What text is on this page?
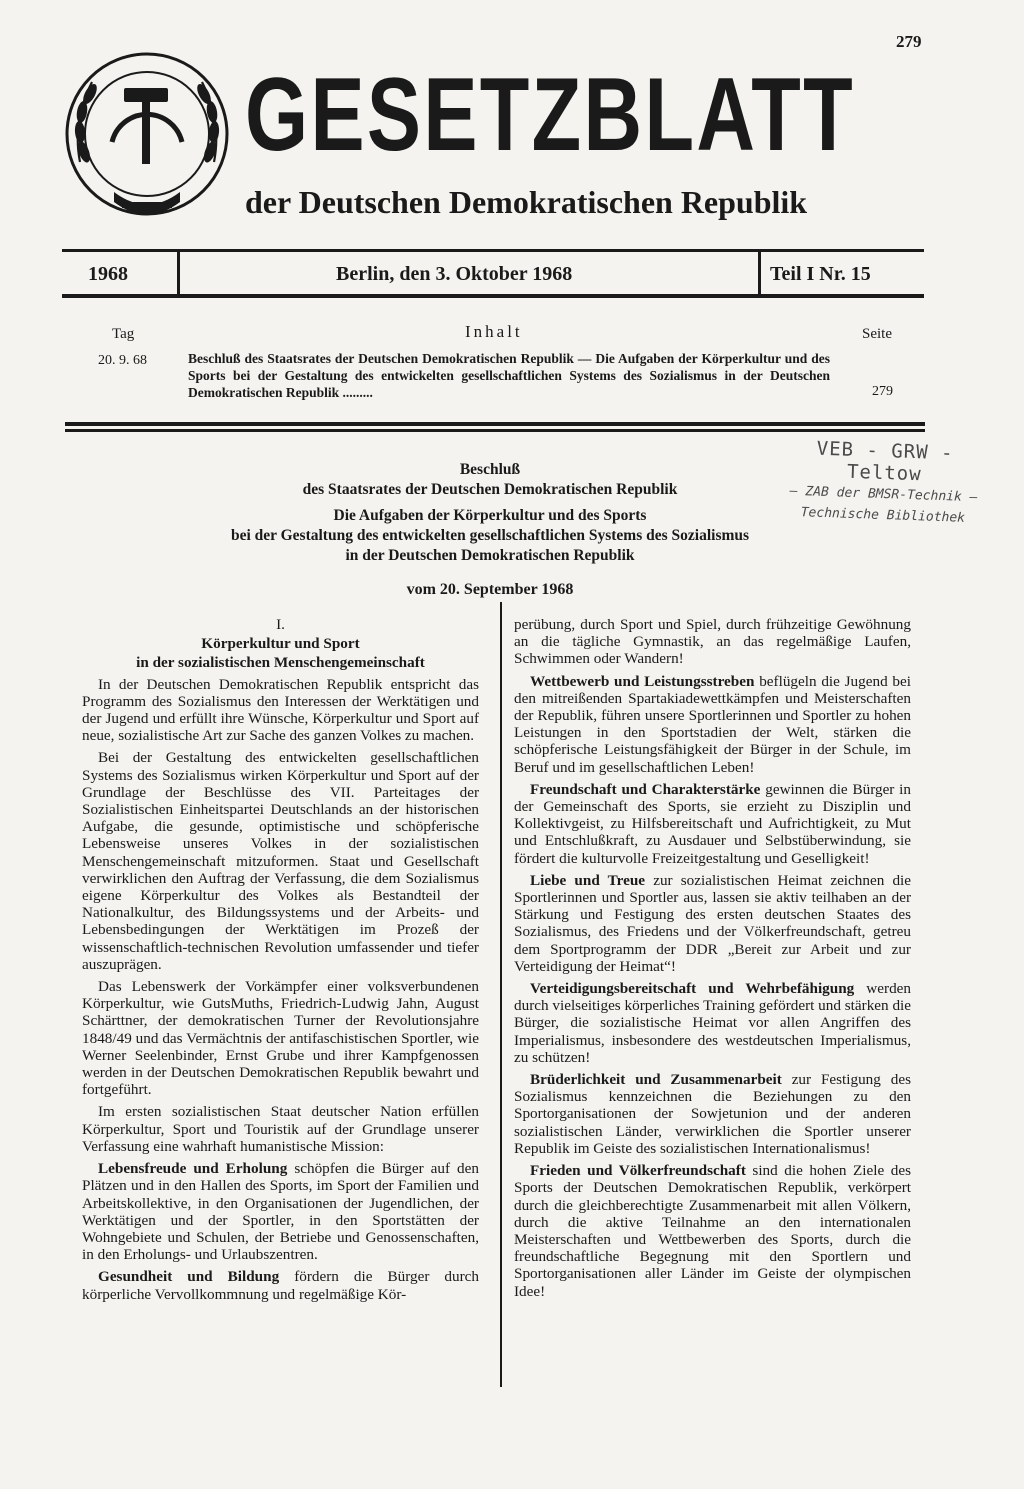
279
GESETZBLATT
der Deutschen Demokratischen Republik
1968	Berlin, den 3. Oktober 1968	Teil I Nr. 15
Tag	Inhalt	Seite
20. 9. 68	Beschluß des Staatsrates der Deutschen Demokratischen Republik — Die Aufgaben der Körperkultur und des Sports bei der Gestaltung des entwickelten gesellschaftlichen Systems des Sozialismus in der Deutschen Demokratischen Republik .........	279
VEB - GRW - Teltow
— ZAB der BMSR-Technik —
Technische Bibliothek
Beschluß
des Staatsrates der Deutschen Demokratischen Republik
Die Aufgaben der Körperkultur und des Sports
bei der Gestaltung des entwickelten gesellschaftlichen Systems des Sozialismus
in der Deutschen Demokratischen Republik
vom 20. September 1968
I.
Körperkultur und Sport
in der sozialistischen Menschengemeinschaft

In der Deutschen Demokratischen Republik entspricht das Programm des Sozialismus den Interessen der Werktätigen und der Jugend und erfüllt ihre Wünsche, Körperkultur und Sport auf neue, sozialistische Art zur Sache des ganzen Volkes zu machen.

Bei der Gestaltung des entwickelten gesellschaftlichen Systems des Sozialismus wirken Körperkultur und Sport auf der Grundlage der Beschlüsse des VII. Parteitages der Sozialistischen Einheitspartei Deutschlands an der historischen Aufgabe, die gesunde, optimistische und schöpferische Lebensweise unseres Volkes in der sozialistischen Menschengemeinschaft mitzuformen. Staat und Gesellschaft verwirklichen den Auftrag der Verfassung, die dem Sozialismus eigene Körperkultur des Volkes als Bestandteil der Nationalkultur, des Bildungssystems und der Arbeits- und Lebensbedingungen der Werktätigen im Prozeß der wissenschaftlich-technischen Revolution umfassender und tiefer auszuprägen.

Das Lebenswerk der Vorkämpfer einer volksverbundenen Körperkultur, wie GutsMuths, Friedrich-Ludwig Jahn, August Schärttner, der demokratischen Turner der Revolutionsjahre 1848/49 und das Vermächtnis der antifaschistischen Sportler, wie Werner Seelenbinder, Ernst Grube und ihrer Kampfgenossen werden in der Deutschen Demokratischen Republik bewahrt und fortgeführt.

Im ersten sozialistischen Staat deutscher Nation erfüllen Körperkultur, Sport und Touristik auf der Grundlage unserer Verfassung eine wahrhaft humanistische Mission:

Lebensfreude und Erholung schöpfen die Bürger auf den Plätzen und in den Hallen des Sports, im Sport der Familien und Arbeitskollektive, in den Organisationen der Jugendlichen, der Werktätigen und der Sportler, in den Sportstätten der Wohngebiete und Schulen, der Betriebe und Genossenschaften, in den Erholungs- und Urlaubszentren.

Gesundheit und Bildung fördern die Bürger durch körperliche Vervollkommnung und regelmäßige Kör-

perübung, durch Sport und Spiel, durch frühzeitige Gewöhnung an die tägliche Gymnastik, an das regelmäßige Laufen, Schwimmen oder Wandern!

Wettbewerb und Leistungsstreben beflügeln die Jugend bei den mitreißenden Spartakiadewettkämpfen und Meisterschaften der Republik, führen unsere Sportlerinnen und Sportler zu hohen Leistungen in den Sportstadien der Welt, stärken die schöpferische Leistungsfähigkeit der Bürger in der Schule, im Beruf und im gesellschaftlichen Leben!

Freundschaft und Charakterstärke gewinnen die Bürger in der Gemeinschaft des Sports, sie erzieht zu Disziplin und Kollektivgeist, zu Hilfsbereitschaft und Aufrichtigkeit, zu Mut und Entschlußkraft, zu Ausdauer und Selbstüberwindung, sie fördert die kulturvolle Freizeitgestaltung und Geselligkeit!

Liebe und Treue zur sozialistischen Heimat zeichnen die Sportlerinnen und Sportler aus, lassen sie aktiv teilhaben an der Stärkung und Festigung des ersten deutschen Staates des Sozialismus, des Friedens und der Völkerfreundschaft, getreu dem Sportprogramm der DDR „Bereit zur Arbeit und zur Verteidigung der Heimat“!

Verteidigungsbereitschaft und Wehrbefähigung werden durch vielseitiges körperliches Training gefördert und stärken die Bürger, die sozialistische Heimat vor allen Angriffen des Imperialismus, insbesondere des westdeutschen Imperialismus, zu schützen!

Brüderlichkeit und Zusammenarbeit zur Festigung des Sozialismus kennzeichnen die Beziehungen zu den Sportorganisationen der Sowjetunion und der anderen sozialistischen Länder, verwirklichen die Sportler unserer Republik im Geiste des sozialistischen Internationalismus!

Frieden und Völkerfreundschaft sind die hohen Ziele des Sports der Deutschen Demokratischen Republik, verkörpert durch die gleichberechtigte Zusammenarbeit mit allen Völkern, durch die aktive Teilnahme an den internationalen Meisterschaften und Wettbewerben des Sports, durch die freundschaftliche Begegnung mit den Sportlern und Sportorganisationen aller Länder im Geiste der olympischen Idee!
